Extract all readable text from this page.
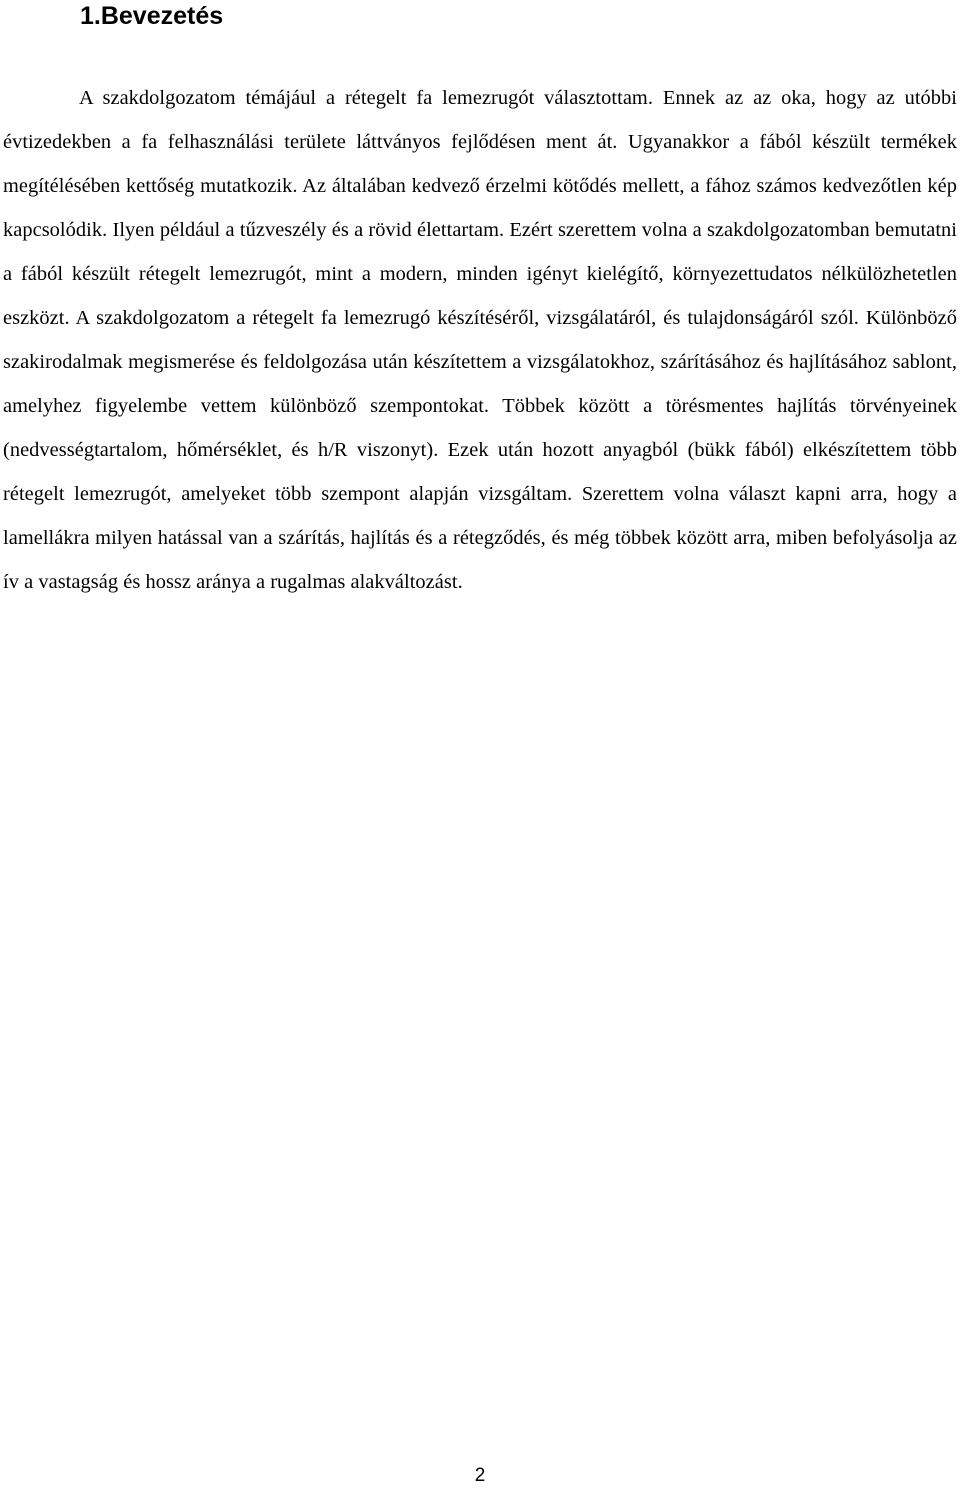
1.Bevezetés

A szakdolgozatom témájául a rétegelt fa lemezrugót választottam. Ennek az az oka, hogy az utóbbi évtizedekben a fa felhasználási területe láttványos fejlődésen ment át. Ugyanakkor a fából készült termékek megítélésében kettőség mutatkozik. Az általában kedvező érzelmi kötődés mellett, a fához számos kedvezőtlen kép kapcsolódik. Ilyen például a tűzveszély és a rövid élettartam. Ezért szerettem volna a szakdolgozatomban bemutatni a fából készült rétegelt lemezrugót, mint a modern, minden igényt kielégítő, környezettudatos nélkülözhetetlen eszközt. A szakdolgozatom a rétegelt fa lemezrugó készítéséről, vizsgálatáról, és tulajdonságáról szól. Különböző szakirodalmak megismerése és feldolgozása után készítettem a vizsgálatokhoz, szárításához és hajlításához sablont, amelyhez figyelembe vettem különböző szempontokat. Többek között a törésmentes hajlítás törvényeinek (nedvességtartalom, hőmérséklet, és h/R viszonyt). Ezek után hozott anyagból (bükk fából) elkészítettem több rétegelt lemezrugót, amelyeket több szempont alapján vizsgáltam. Szerettem volna választ kapni arra, hogy a lamellákra milyen hatással van a szárítás, hajlítás és a rétegződés, és még többek között arra, miben befolyásolja az ív a vastagság és hossz aránya a rugalmas alakváltozást.

2
